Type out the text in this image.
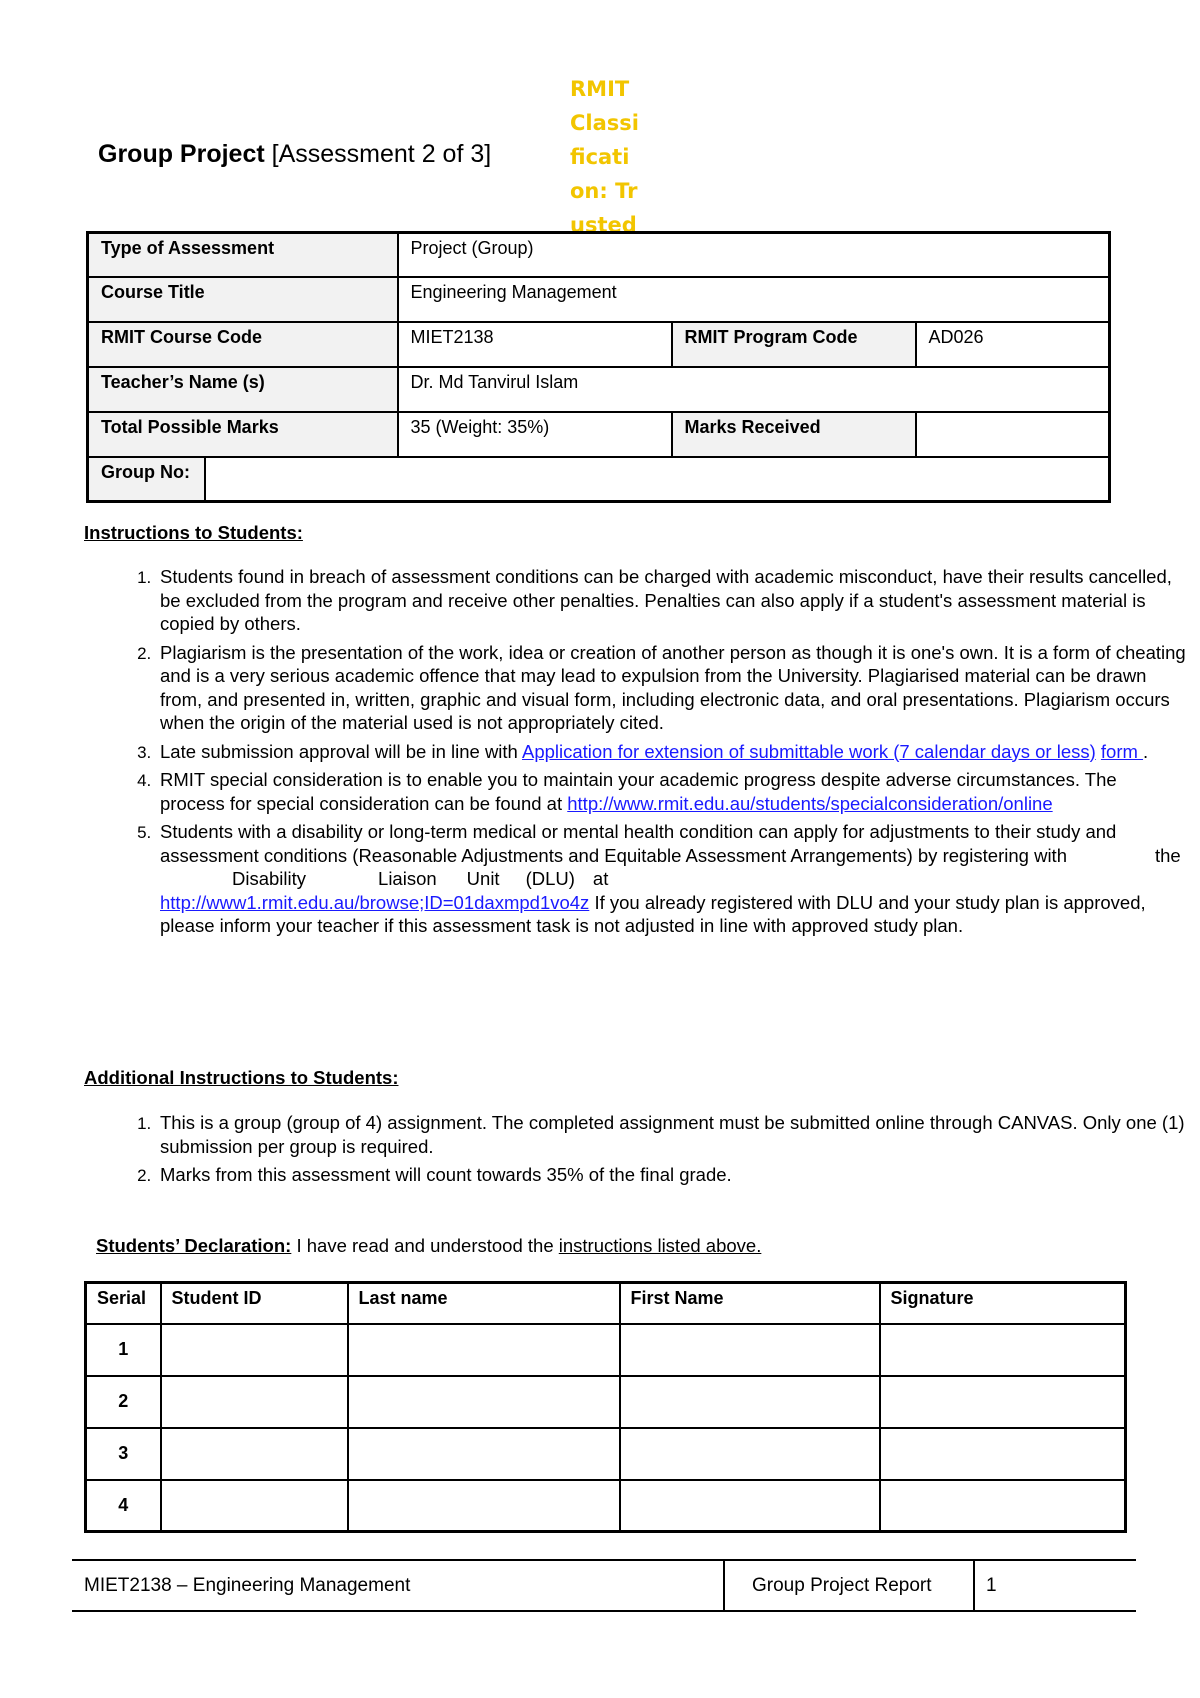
Group Project [Assessment 2 of 3]
RMIT Classification: Trusted
Type of Assessment		Project (Group)		
Course Title		Engineering Management		
RMIT Course Code		MIET2138	RMIT Program Code	AD026
Teacher’s Name (s)		Dr. Md Tanvirul Islam		
Total Possible Marks		35 (Weight: 35%)	Marks Received	
Group No:				
Instructions to Students:
1. Students found in breach of assessment conditions can be charged with academic misconduct, have their results cancelled, be excluded from the program and receive other penalties. Penalties can also apply if a student's assessment material is copied by others.
2. Plagiarism is the presentation of the work, idea or creation of another person as though it is one's own. It is a form of cheating and is a very serious academic offence that may lead to expulsion from the University. Plagiarised material can be drawn from, and presented in, written, graphic and visual form, including electronic data, and oral presentations. Plagiarism occurs when the origin of the material used is not appropriately cited.
3. Late submission approval will be in line with Application for extension of submittable work (7 calendar days or less) form .
4. RMIT special consideration is to enable you to maintain your academic progress despite adverse circumstances. The process for special consideration can be found at http://www.rmit.edu.au/students/specialconsideration/online
5. Students with a disability or long-term medical or mental health condition can apply for adjustments to their study and assessment conditions (Reasonable Adjustments and Equitable Assessment Arrangements) by registering with	theDisability	Liaison Unit (DLU) at
http://www1.rmit.edu.au/browse;ID=01daxmpd1vo4z If you already registered with DLU and your study plan is approved, please inform your teacher if this assessment task is not adjusted in line with approved study plan.
Additional Instructions to Students:
1. This is a group (group of 4) assignment. The completed assignment must be submitted online through CANVAS. Only one (1) submission per group is required.
2. Marks from this assessment will count towards 35% of the final grade.
Students’ Declaration: I have read and understood the instructions listed above.
Serial	Student ID	Last name	First Name	Signature
1				
2				
3				
4				
MIET2138 – Engineering Management	Group Project Report	1
